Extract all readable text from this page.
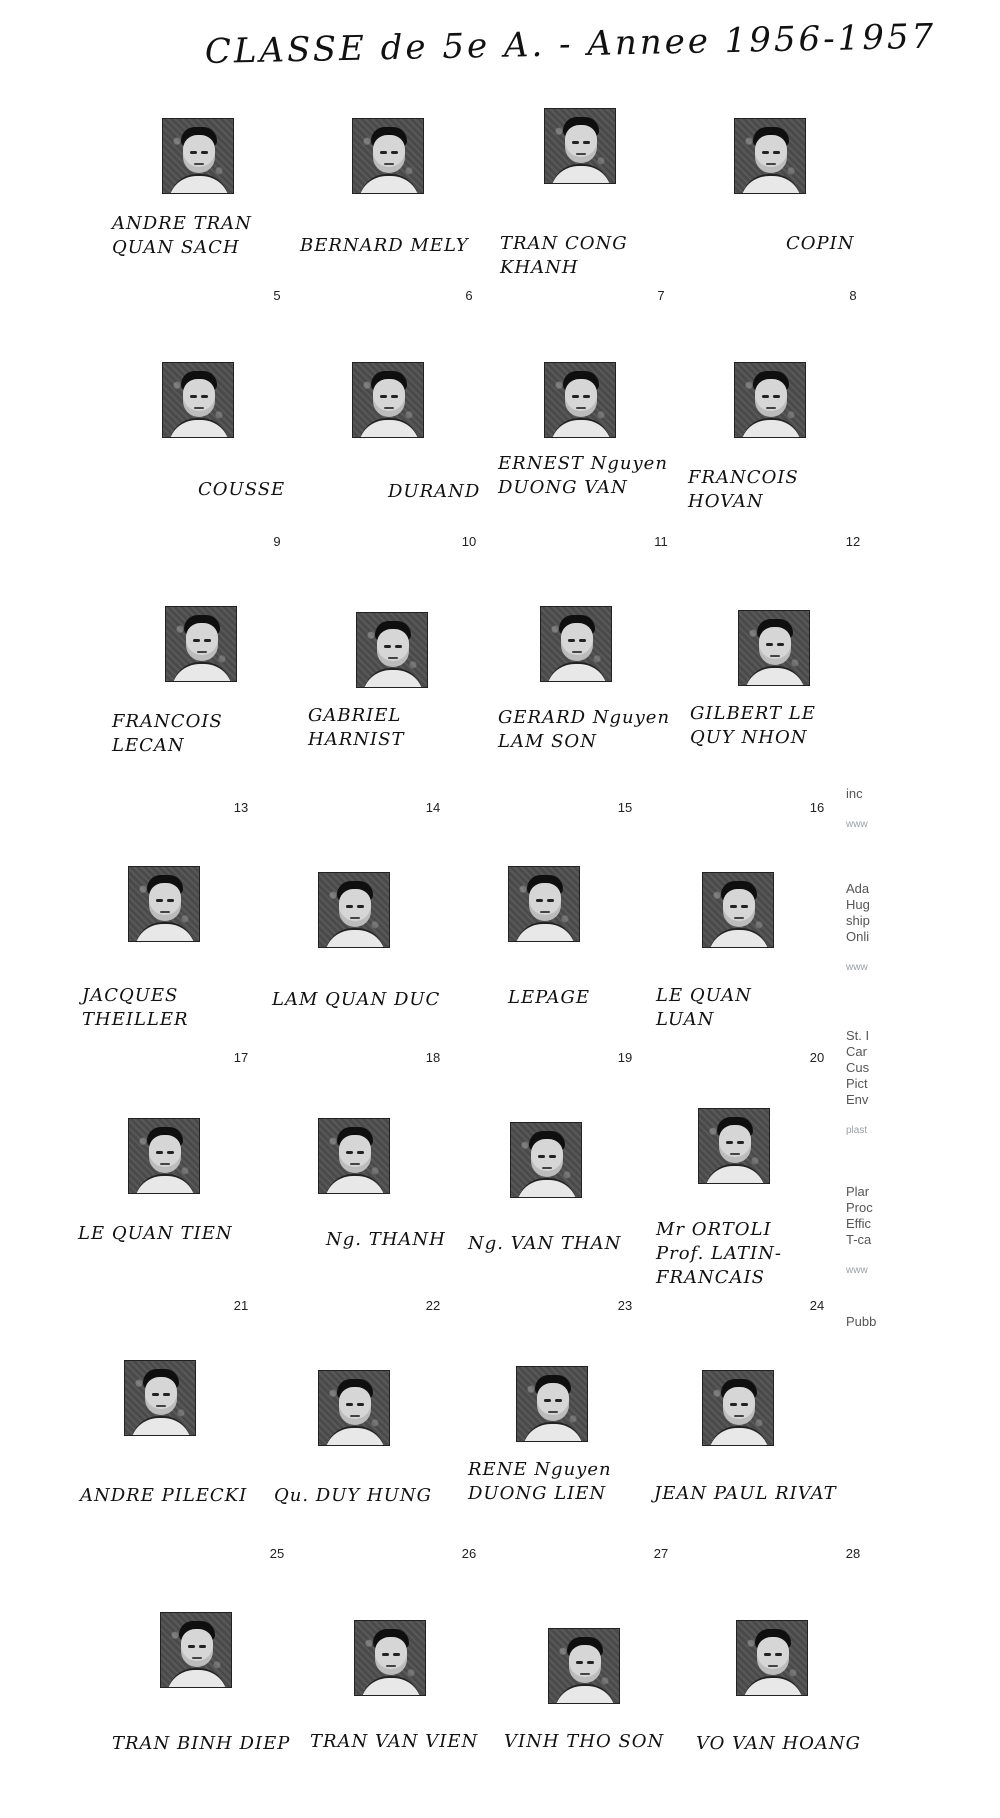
CLASSE de 5e A. - Annee 1956-1957
ANDRE TRAN
QUAN SACH
5
BERNARD MELY
6
TRAN CONG KHANH
7
COPIN
8
COUSSE
9
DURAND
10
ERNEST Nguyen
DUONG VAN
11
FRANCOIS HOVAN
12
FRANCOIS
LECAN
13
GABRIEL
HARNIST
14
GERARD Nguyen
LAM SON
15
GILBERT LE
QUY NHON
16
JACQUES
THEILLER
17
LAM QUAN DUC
18
LEPAGE
19
LE QUAN
LUAN
20
LE QUAN TIEN
21
Ng. THANH
22
Ng. VAN THAN
23
Mr ORTOLI
Prof. LATIN-FRANCAIS
24
ANDRE PILECKI
25
Qu. DUY HUNG
26
RENE Nguyen
DUONG LIEN
27
JEAN PAUL RIVAT
28
TRAN BINH DIEP	TRAN VAN VIEN	VINH THO SON	VO VAN HOANG

inc

www

Ada
Hug
ship
Onli

www

St. I
Car
Cus
Pict
Env

plast

Plar
Proc
Effic
T-ca

www

Pubb
